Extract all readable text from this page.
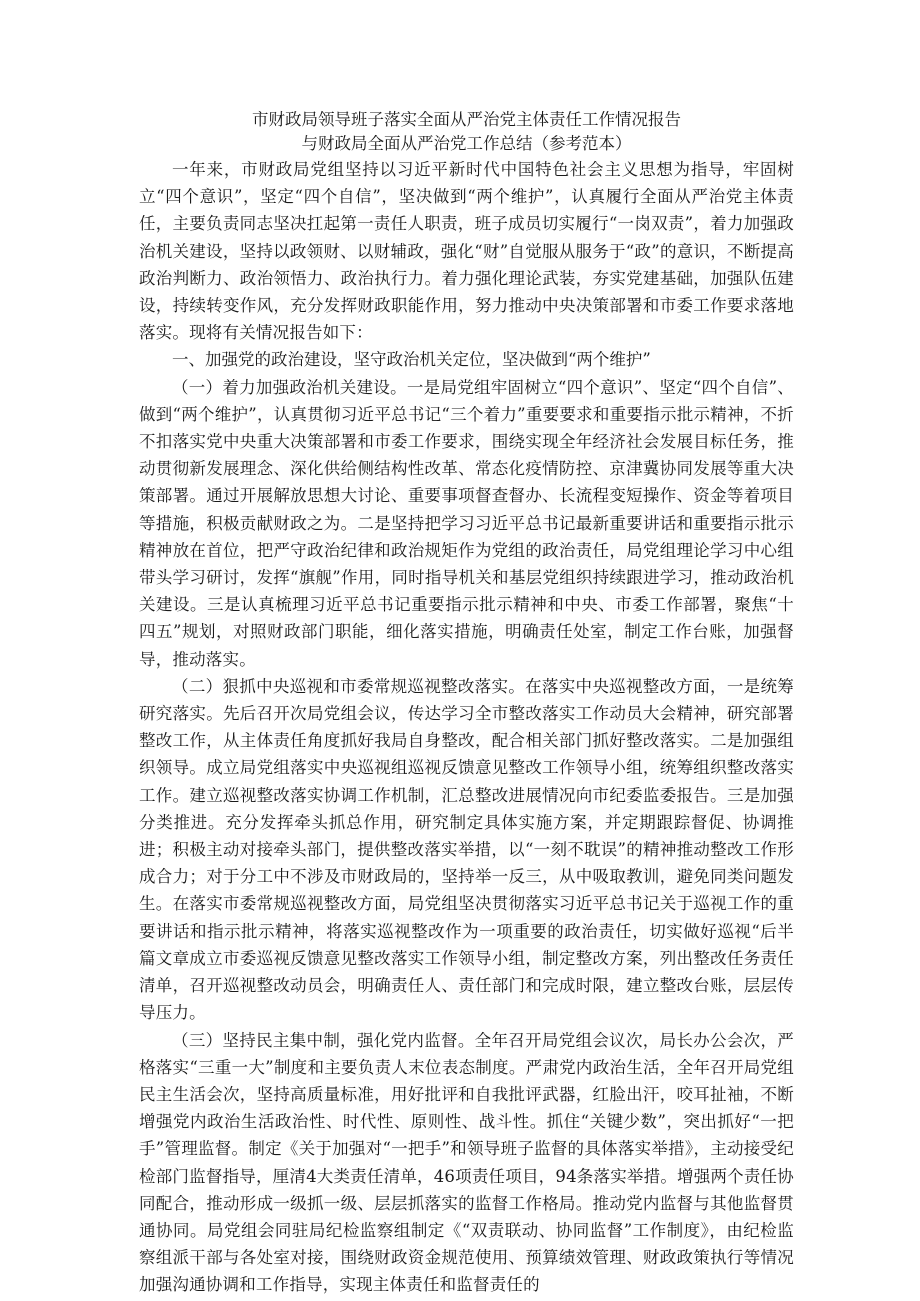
市财政局领导班子落实全面从严治党主体责任工作情况报告
与财政局全面从严治党工作总结（参考范本）

一年来，市财政局党组坚持以习近平新时代中国特色社会主义思想为指导，牢固树立“四个意识”，坚定“四个自信”，坚决做到“两个维护”，认真履行全面从严治党主体责任，主要负责同志坚决扛起第一责任人职责，班子成员切实履行“一岗双责”，着力加强政治机关建设，坚持以政领财、以财辅政，强化“财”自觉服从服务于“政”的意识，不断提高政治判断力、政治领悟力、政治执行力。着力强化理论武装，夯实党建基础，加强队伍建设，持续转变作风，充分发挥财政职能作用，努力推动中央决策部署和市委工作要求落地落实。现将有关情况报告如下：

一、加强党的政治建设，坚守政治机关定位，坚决做到“两个维护”

（一）着力加强政治机关建设。一是局党组牢固树立“四个意识”、坚定“四个自信”、做到“两个维护”，认真贯彻习近平总书记“三个着力”重要要求和重要指示批示精神，不折不扣落实党中央重大决策部署和市委工作要求，围绕实现全年经济社会发展目标任务，推动贯彻新发展理念、深化供给侧结构性改革、常态化疫情防控、京津冀协同发展等重大决策部署。通过开展解放思想大讨论、重要事项督查督办、长流程变短操作、资金等着项目等措施，积极贡献财政之为。二是坚持把学习习近平总书记最新重要讲话和重要指示批示精神放在首位，把严守政治纪律和政治规矩作为党组的政治责任，局党组理论学习中心组带头学习研讨，发挥“旗舰”作用，同时指导机关和基层党组织持续跟进学习，推动政治机关建设。三是认真梳理习近平总书记重要指示批示精神和中央、市委工作部署，聚焦“十四五”规划，对照财政部门职能，细化落实措施，明确责任处室，制定工作台账，加强督导，推动落实。

（二）狠抓中央巡视和市委常规巡视整改落实。在落实中央巡视整改方面，一是统筹研究落实。先后召开次局党组会议，传达学习全市整改落实工作动员大会精神，研究部署整改工作，从主体责任角度抓好我局自身整改，配合相关部门抓好整改落实。二是加强组织领导。成立局党组落实中央巡视组巡视反馈意见整改工作领导小组，统筹组织整改落实工作。建立巡视整改落实协调工作机制，汇总整改进展情况向市纪委监委报告。三是加强分类推进。充分发挥牵头抓总作用，研究制定具体实施方案，并定期跟踪督促、协调推进；积极主动对接牵头部门，提供整改落实举措，以“一刻不耽误”的精神推动整改工作形成合力；对于分工中不涉及市财政局的，坚持举一反三，从中吸取教训，避免同类问题发生。在落实市委常规巡视整改方面，局党组坚决贯彻落实习近平总书记关于巡视工作的重要讲话和指示批示精神，将落实巡视整改作为一项重要的政治责任，切实做好巡视“后半篇文章成立市委巡视反馈意见整改落实工作领导小组，制定整改方案，列出整改任务责任清单，召开巡视整改动员会，明确责任人、责任部门和完成时限，建立整改台账，层层传导压力。

（三）坚持民主集中制，强化党内监督。全年召开局党组会议次，局长办公会次，严格落实“三重一大”制度和主要负责人末位表态制度。严肃党内政治生活，全年召开局党组民主生活会次，坚持高质量标准，用好批评和自我批评武器，红脸出汗，咬耳扯袖，不断增强党内政治生活政治性、时代性、原则性、战斗性。抓住“关键少数”，突出抓好“一把手”管理监督。制定《关于加强对“一把手”和领导班子监督的具体落实举措》，主动接受纪检部门监督指导，厘清4大类责任清单，46项责任项目，94条落实举措。增强两个责任协同配合，推动形成一级抓一级、层层抓落实的监督工作格局。推动党内监督与其他监督贯通协同。局党组会同驻局纪检监察组制定《“双责联动、协同监督”工作制度》，由纪检监察组派干部与各处室对接，围绕财政资金规范使用、预算绩效管理、财政政策执行等情况加强沟通协调和工作指导，实现主体责任和监督责任的
